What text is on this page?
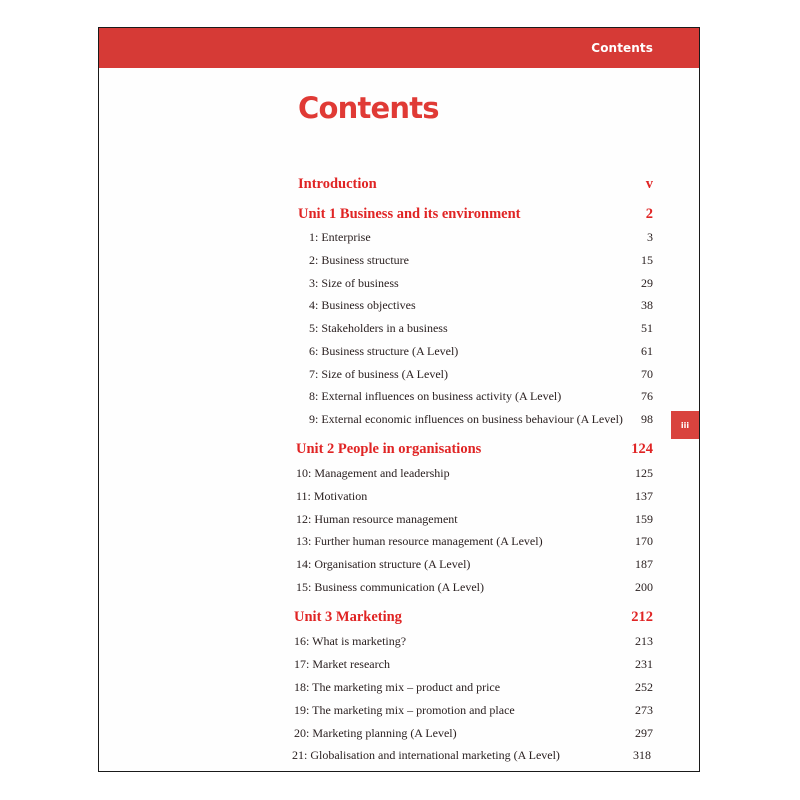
Contents
Contents
iii
Introduction	v
Unit 1 Business and its environment	2
1: Enterprise	3
2: Business structure	15
3: Size of business	29
4: Business objectives	38
5: Stakeholders in a business	51
6: Business structure (A Level)	61
7: Size of business (A Level)	70
8: External influences on business activity (A Level)	76
9: External economic influences on business behaviour (A Level) 98
Unit 2 People in organisations	124
10: Management and leadership	125
11: Motivation	137
12: Human resource management	159
13: Further human resource management (A Level)	170
14: Organisation structure (A Level)	187
15: Business communication (A Level)	200
Unit 3 Marketing	212
16: What is marketing?	213
17: Market research	231
18: The marketing mix – product and price	252
19: The marketing mix – promotion and place	273
20: Marketing planning (A Level)	297
21: Globalisation and international marketing (A Level)	318
